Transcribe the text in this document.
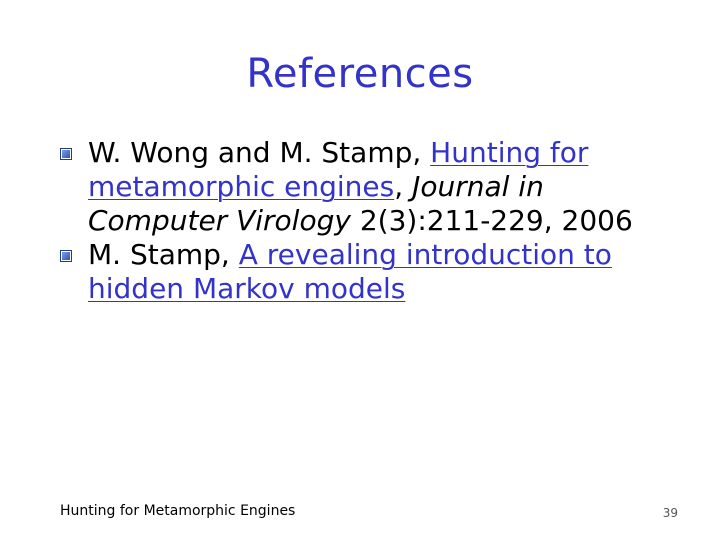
References
W. Wong and M. Stamp, Hunting for
metamorphic engines, Journal in
Computer Virology 2(3):211-229, 2006
M. Stamp, A revealing introduction to
hidden Markov models
Hunting for Metamorphic Engines	39
